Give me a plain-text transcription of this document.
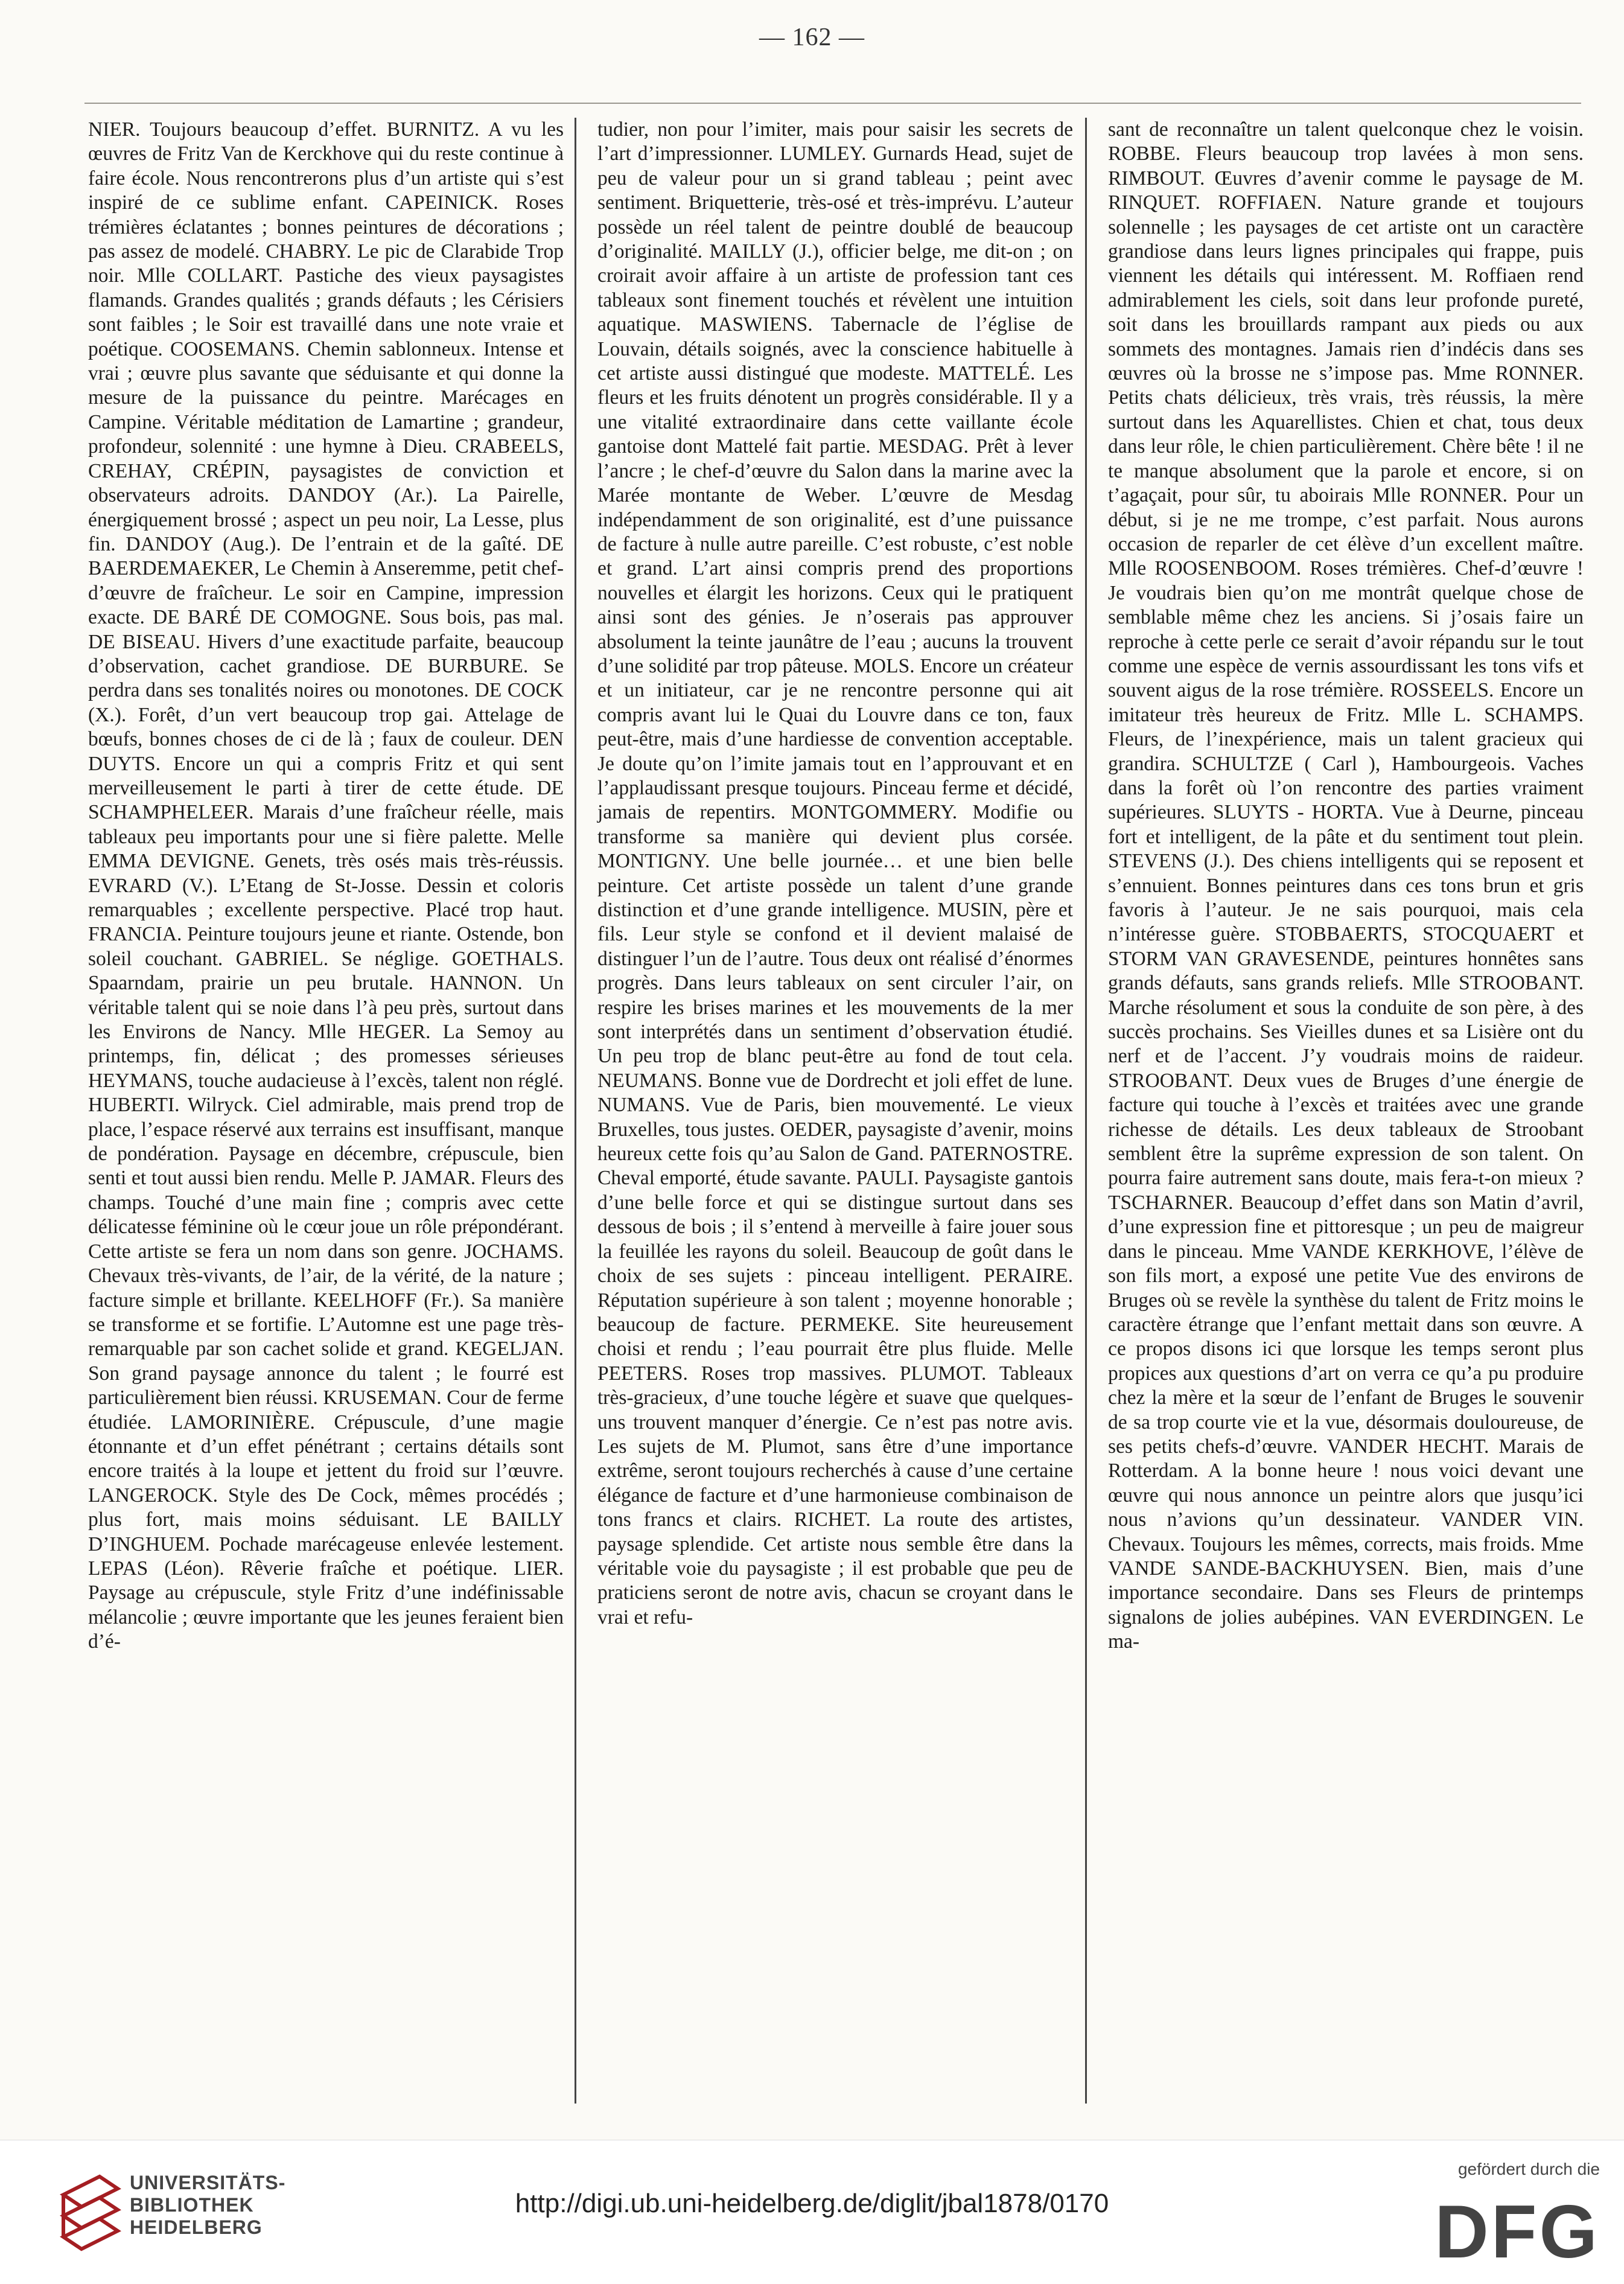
— 162 —

NIER. Toujours beaucoup d’effet. BURNITZ. A vu les œuvres de Fritz Van de Kerckhove qui du reste continue à faire école. Nous rencontrerons plus d’un artiste qui s’est inspiré de ce sublime enfant. CAPEINICK. Roses trémières éclatantes ; bonnes peintures de décorations ; pas assez de modelé. CHABRY. Le pic de Clarabide Trop noir. Mlle COLLART. Pastiche des vieux paysagistes flamands. Grandes qualités ; grands défauts ; les Cérisiers sont faibles ; le Soir est travaillé dans une note vraie et poétique. COOSEMANS. Chemin sablonneux. Intense et vrai ; œuvre plus savante que séduisante et qui donne la mesure de la puissance du peintre. Marécages en Campine. Véritable méditation de Lamartine ; grandeur, profondeur, solennité : une hymne à Dieu. CRABEELS, CREHAY, CRÉPIN, paysagistes de conviction et observateurs adroits. DANDOY (Ar.). La Pairelle, énergiquement brossé ; aspect un peu noir, La Lesse, plus fin. DANDOY (Aug.). De l’entrain et de la gaîté. DE BAERDEMAEKER, Le Chemin à Anseremme, petit chef-d’œuvre de fraîcheur. Le soir en Campine, impression exacte. DE BARÉ DE COMOGNE. Sous bois, pas mal. DE BISEAU. Hivers d’une exactitude parfaite, beaucoup d’observation, cachet grandiose. DE BURBURE. Se perdra dans ses tonalités noires ou monotones. DE COCK (X.). Forêt, d’un vert beaucoup trop gai. Attelage de bœufs, bonnes choses de ci de là ; faux de couleur. DEN DUYTS. Encore un qui a compris Fritz et qui sent merveilleusement le parti à tirer de cette étude. DE SCHAMPHELEER. Marais d’une fraîcheur réelle, mais tableaux peu importants pour une si fière palette. Melle EMMA DEVIGNE. Genets, très osés mais très-réussis. EVRARD (V.). L’Etang de St-Josse. Dessin et coloris remarquables ; excellente perspective. Placé trop haut. FRANCIA. Peinture toujours jeune et riante. Ostende, bon soleil couchant. GABRIEL. Se néglige. GOETHALS. Spaarndam, prairie un peu brutale. HANNON. Un véritable talent qui se noie dans l’à peu près, surtout dans les Environs de Nancy. Mlle HEGER. La Semoy au printemps, fin, délicat ; des promesses sérieuses HEYMANS, touche audacieuse à l’excès, talent non réglé. HUBERTI. Wilryck. Ciel admirable, mais prend trop de place, l’espace réservé aux terrains est insuffisant, manque de pondération. Paysage en décembre, crépuscule, bien senti et tout aussi bien rendu. Melle P. JAMAR. Fleurs des champs. Touché d’une main fine ; compris avec cette délicatesse féminine où le cœur joue un rôle prépondérant. Cette artiste se fera un nom dans son genre. JOCHAMS. Chevaux très-vivants, de l’air, de la vérité, de la nature ; facture simple et brillante. KEELHOFF (Fr.). Sa manière se transforme et se fortifie. L’Automne est une page très-remarquable par son cachet solide et grand. KEGELJAN. Son grand paysage annonce du talent ; le fourré est particulièrement bien réussi. KRUSEMAN. Cour de ferme étudiée. LAMORINIÈRE. Crépuscule, d’une magie étonnante et d’un effet pénétrant ; certains détails sont encore traités à la loupe et jettent du froid sur l’œuvre. LANGEROCK. Style des De Cock, mêmes procédés ; plus fort, mais moins séduisant. LE BAILLY D’INGHUEM. Pochade marécageuse enlevée lestement. LEPAS (Léon). Rêverie fraîche et poétique. LIER. Paysage au crépuscule, style Fritz d’une indéfinissable mélancolie ; œuvre importante que les jeunes feraient bien d’é-

tudier, non pour l’imiter, mais pour saisir les secrets de l’art d’impressionner. LUMLEY. Gurnards Head, sujet de peu de valeur pour un si grand tableau ; peint avec sentiment. Briquetterie, très-osé et très-imprévu. L’auteur possède un réel talent de peintre doublé de beaucoup d’originalité. MAILLY (J.), officier belge, me dit-on ; on croirait avoir affaire à un artiste de profession tant ces tableaux sont finement touchés et révèlent une intuition aquatique. MASWIENS. Tabernacle de l’église de Louvain, détails soignés, avec la conscience habituelle à cet artiste aussi distingué que modeste. MATTELÉ. Les fleurs et les fruits dénotent un progrès considérable. Il y a une vitalité extraordinaire dans cette vaillante école gantoise dont Mattelé fait partie. MESDAG. Prêt à lever l’ancre ; le chef-d’œuvre du Salon dans la marine avec la Marée montante de Weber. L’œuvre de Mesdag indépendamment de son originalité, est d’une puissance de facture à nulle autre pareille. C’est robuste, c’est noble et grand. L’art ainsi compris prend des proportions nouvelles et élargit les horizons. Ceux qui le pratiquent ainsi sont des génies. Je n’oserais pas approuver absolument la teinte jaunâtre de l’eau ; aucuns la trouvent d’une solidité par trop pâteuse. MOLS. Encore un créateur et un initiateur, car je ne rencontre personne qui ait compris avant lui le Quai du Louvre dans ce ton, faux peut-être, mais d’une hardiesse de convention acceptable. Je doute qu’on l’imite jamais tout en l’approuvant et en l’applaudissant presque toujours. Pinceau ferme et décidé, jamais de repentirs. MONTGOMMERY. Modifie ou transforme sa manière qui devient plus corsée. MONTIGNY. Une belle journée… et une bien belle peinture. Cet artiste possède un talent d’une grande distinction et d’une grande intelligence. MUSIN, père et fils. Leur style se confond et il devient malaisé de distinguer l’un de l’autre. Tous deux ont réalisé d’énormes progrès. Dans leurs tableaux on sent circuler l’air, on respire les brises marines et les mouvements de la mer sont interprétés dans un sentiment d’observation étudié. Un peu trop de blanc peut-être au fond de tout cela. NEUMANS. Bonne vue de Dordrecht et joli effet de lune. NUMANS. Vue de Paris, bien mouvementé. Le vieux Bruxelles, tous justes. OEDER, paysagiste d’avenir, moins heureux cette fois qu’au Salon de Gand. PATERNOSTRE. Cheval emporté, étude savante. PAULI. Paysagiste gantois d’une belle force et qui se distingue surtout dans ses dessous de bois ; il s’entend à merveille à faire jouer sous la feuillée les rayons du soleil. Beaucoup de goût dans le choix de ses sujets : pinceau intelligent. PERAIRE. Réputation supérieure à son talent ; moyenne honorable ; beaucoup de facture. PERMEKE. Site heureusement choisi et rendu ; l’eau pourrait être plus fluide. Melle PEETERS. Roses trop massives. PLUMOT. Tableaux très-gracieux, d’une touche légère et suave que quelques-uns trouvent manquer d’énergie. Ce n’est pas notre avis. Les sujets de M. Plumot, sans être d’une importance extrême, seront toujours recherchés à cause d’une certaine élégance de facture et d’une harmonieuse combinaison de tons francs et clairs. RICHET. La route des artistes, paysage splendide. Cet artiste nous semble être dans la véritable voie du paysagiste ; il est probable que peu de praticiens seront de notre avis, chacun se croyant dans le vrai et refu-

sant de reconnaître un talent quelconque chez le voisin. ROBBE. Fleurs beaucoup trop lavées à mon sens. RIMBOUT. Œuvres d’avenir comme le paysage de M. RINQUET. ROFFIAEN. Nature grande et toujours solennelle ; les paysages de cet artiste ont un caractère grandiose dans leurs lignes principales qui frappe, puis viennent les détails qui intéressent. M. Roffiaen rend admirablement les ciels, soit dans leur profonde pureté, soit dans les brouillards rampant aux pieds ou aux sommets des montagnes. Jamais rien d’indécis dans ses œuvres où la brosse ne s’impose pas. Mme RONNER. Petits chats délicieux, très vrais, très réussis, la mère surtout dans les Aquarellistes. Chien et chat, tous deux dans leur rôle, le chien particulièrement. Chère bête ! il ne te manque absolument que la parole et encore, si on t’agaçait, pour sûr, tu aboirais Mlle RONNER. Pour un début, si je ne me trompe, c’est parfait. Nous aurons occasion de reparler de cet élève d’un excellent maître. Mlle ROOSENBOOM. Roses trémières. Chef-d’œuvre ! Je voudrais bien qu’on me montrât quelque chose de semblable même chez les anciens. Si j’osais faire un reproche à cette perle ce serait d’avoir répandu sur le tout comme une espèce de vernis assourdissant les tons vifs et souvent aigus de la rose trémière. ROSSEELS. Encore un imitateur très heureux de Fritz. Mlle L. SCHAMPS. Fleurs, de l’inexpérience, mais un talent gracieux qui grandira. SCHULTZE ( Carl ), Hambourgeois. Vaches dans la forêt où l’on rencontre des parties vraiment supérieures. SLUYTS - HORTA. Vue à Deurne, pinceau fort et intelligent, de la pâte et du sentiment tout plein. STEVENS (J.). Des chiens intelligents qui se reposent et s’ennuient. Bonnes peintures dans ces tons brun et gris favoris à l’auteur. Je ne sais pourquoi, mais cela n’intéresse guère. STOBBAERTS, STOCQUAERT et STORM VAN GRAVESENDE, peintures honnêtes sans grands défauts, sans grands reliefs. Mlle STROOBANT. Marche résolument et sous la conduite de son père, à des succès prochains. Ses Vieilles dunes et sa Lisière ont du nerf et de l’accent. J’y voudrais moins de raideur. STROOBANT. Deux vues de Bruges d’une énergie de facture qui touche à l’excès et traitées avec une grande richesse de détails. Les deux tableaux de Stroobant semblent être la suprême expression de son talent. On pourra faire autrement sans doute, mais fera-t-on mieux ? TSCHARNER. Beaucoup d’effet dans son Matin d’avril, d’une expression fine et pittoresque ; un peu de maigreur dans le pinceau. Mme VANDE KERKHOVE, l’élève de son fils mort, a exposé une petite Vue des environs de Bruges où se revèle la synthèse du talent de Fritz moins le caractère étrange que l’enfant mettait dans son œuvre. A ce propos disons ici que lorsque les temps seront plus propices aux questions d’art on verra ce qu’a pu produire chez la mère et la sœur de l’enfant de Bruges le souvenir de sa trop courte vie et la vue, désormais douloureuse, de ses petits chefs-d’œuvre. VANDER HECHT. Marais de Rotterdam. A la bonne heure ! nous voici devant une œuvre qui nous annonce un peintre alors que jusqu’ici nous n’avions qu’un dessinateur. VANDER VIN. Chevaux. Toujours les mêmes, corrects, mais froids. Mme VANDE SANDE-BACKHUYSEN. Bien, mais d’une importance secondaire. Dans ses Fleurs de printemps signalons de jolies aubépines. VAN EVERDINGEN. Le ma-

UNIVERSITÄTS-
BIBLIOTHEK
HEIDELBERG
http://digi.ub.uni-heidelberg.de/diglit/jbal1878/0170
gefördert durch die
DFG
